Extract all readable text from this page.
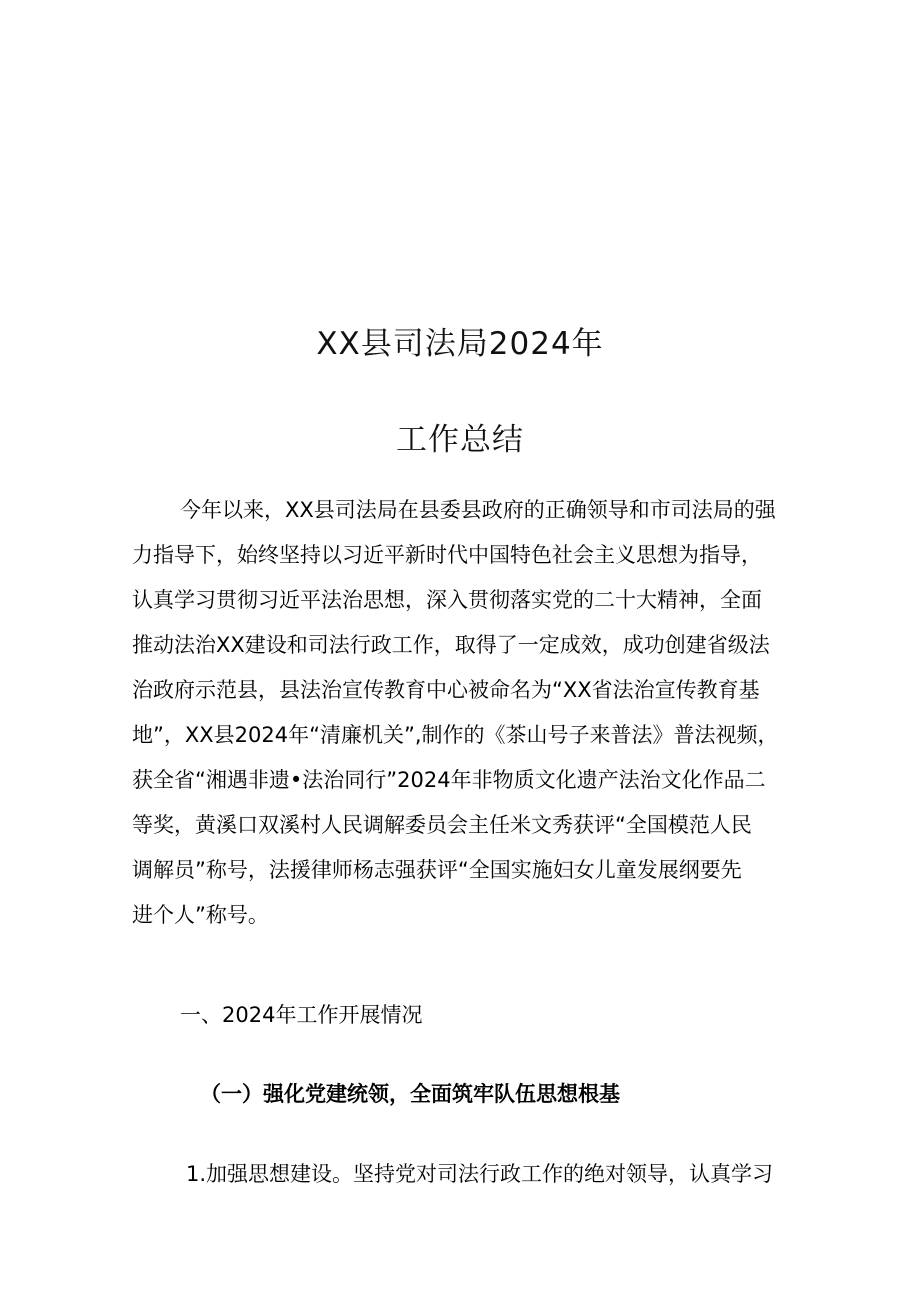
XX县司法局2024年
工作总结
今年以来，XX县司法局在县委县政府的正确领导和市司法局的强
力指导下，始终坚持以习近平新时代中国特色社会主义思想为指导，
认真学习贯彻习近平法治思想，深入贯彻落实党的二十大精神，全面
推动法治XX建设和司法行政工作，取得了一定成效，成功创建省级法
治政府示范县，县法治宣传教育中心被命名为“XX省法治宣传教育基
地”，XX县2024年“清廉机关”,制作的《茶山号子来普法》普法视频，
获全省“湘遇非遗•法治同行”2024年非物质文化遗产法治文化作品二
等奖，黄溪口双溪村人民调解委员会主任米文秀获评“全国模范人民
调解员”称号，法援律师杨志强获评“全国实施妇女儿童发展纲要先
进个人”称号。
一、2024年工作开展情况
（一）强化党建统领，全面筑牢队伍思想根基
1.加强思想建设。坚持党对司法行政工作的绝对领导，认真学习
